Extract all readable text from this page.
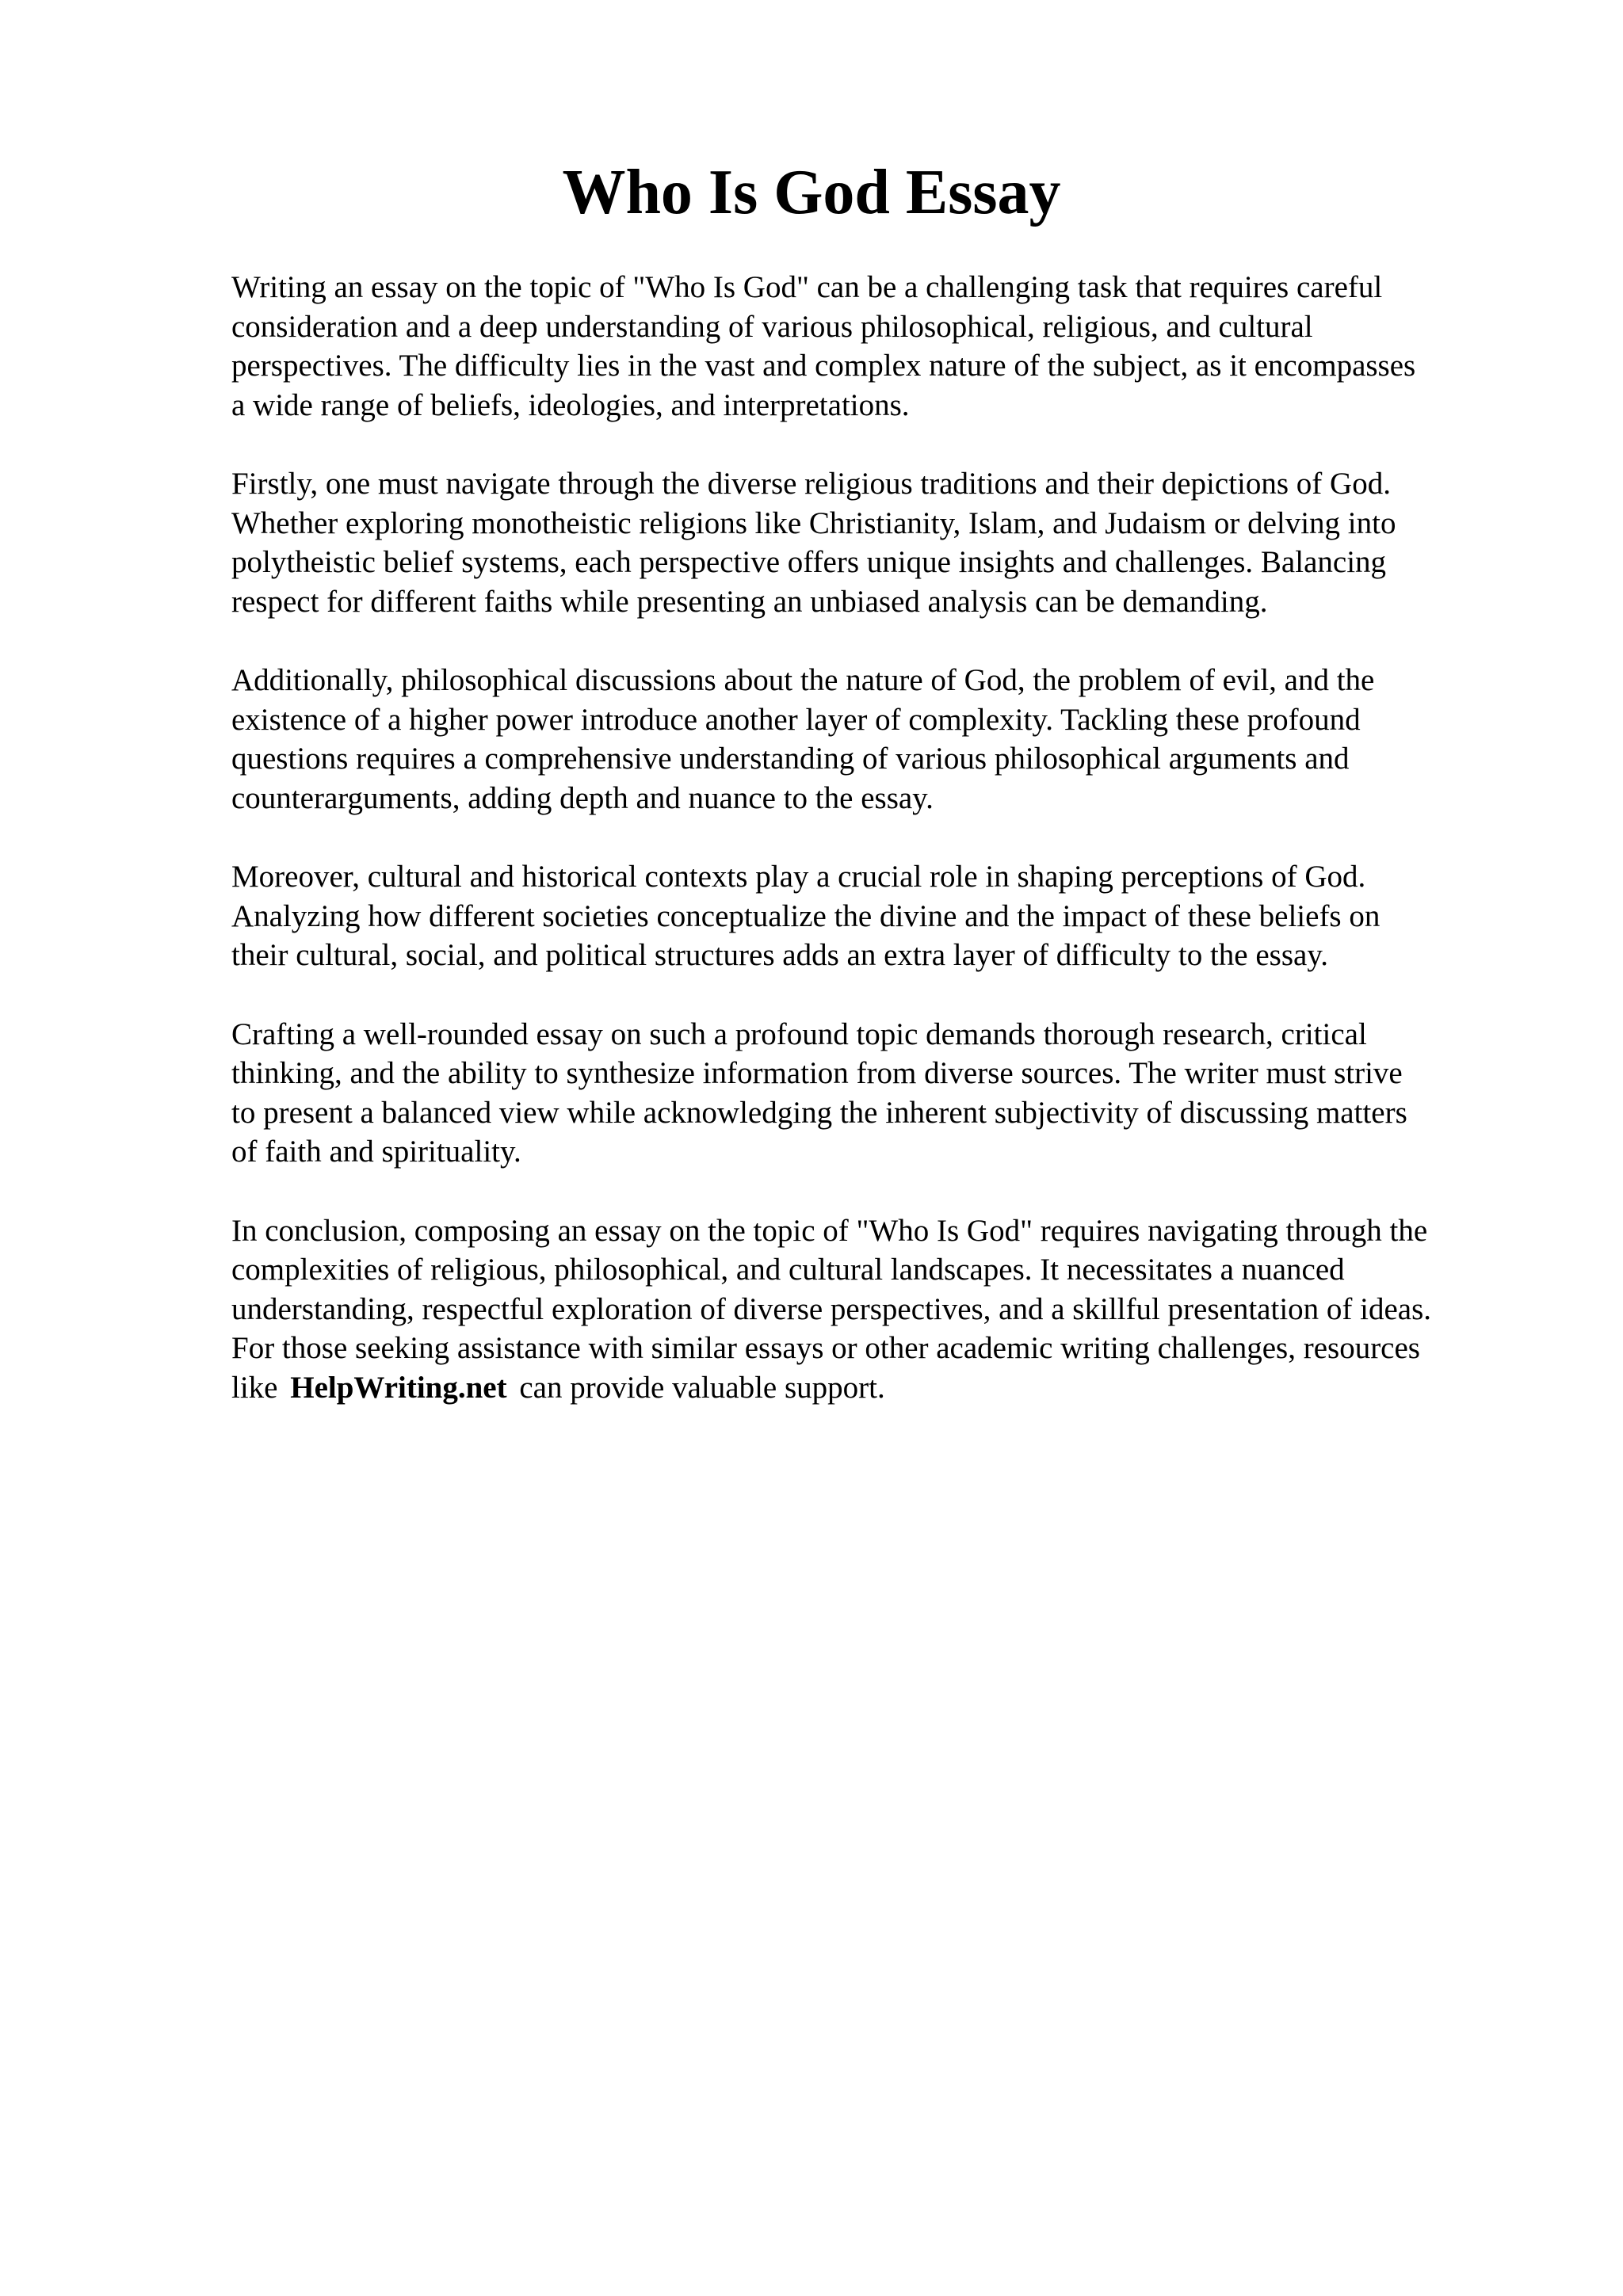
Who Is God Essay

Writing an essay on the topic of "Who Is God" can be a challenging task that requires careful
consideration and a deep understanding of various philosophical, religious, and cultural
perspectives. The difficulty lies in the vast and complex nature of the subject, as it encompasses
a wide range of beliefs, ideologies, and interpretations.

Firstly, one must navigate through the diverse religious traditions and their depictions of God.
Whether exploring monotheistic religions like Christianity, Islam, and Judaism or delving into
polytheistic belief systems, each perspective offers unique insights and challenges. Balancing
respect for different faiths while presenting an unbiased analysis can be demanding.

Additionally, philosophical discussions about the nature of God, the problem of evil, and the
existence of a higher power introduce another layer of complexity. Tackling these profound
questions requires a comprehensive understanding of various philosophical arguments and
counterarguments, adding depth and nuance to the essay.

Moreover, cultural and historical contexts play a crucial role in shaping perceptions of God.
Analyzing how different societies conceptualize the divine and the impact of these beliefs on
their cultural, social, and political structures adds an extra layer of difficulty to the essay.

Crafting a well-rounded essay on such a profound topic demands thorough research, critical
thinking, and the ability to synthesize information from diverse sources. The writer must strive
to present a balanced view while acknowledging the inherent subjectivity of discussing matters
of faith and spirituality.

In conclusion, composing an essay on the topic of "Who Is God" requires navigating through the
complexities of religious, philosophical, and cultural landscapes. It necessitates a nuanced
understanding, respectful exploration of diverse perspectives, and a skillful presentation of ideas.
For those seeking assistance with similar essays or other academic writing challenges, resources
like HelpWriting.net can provide valuable support.
